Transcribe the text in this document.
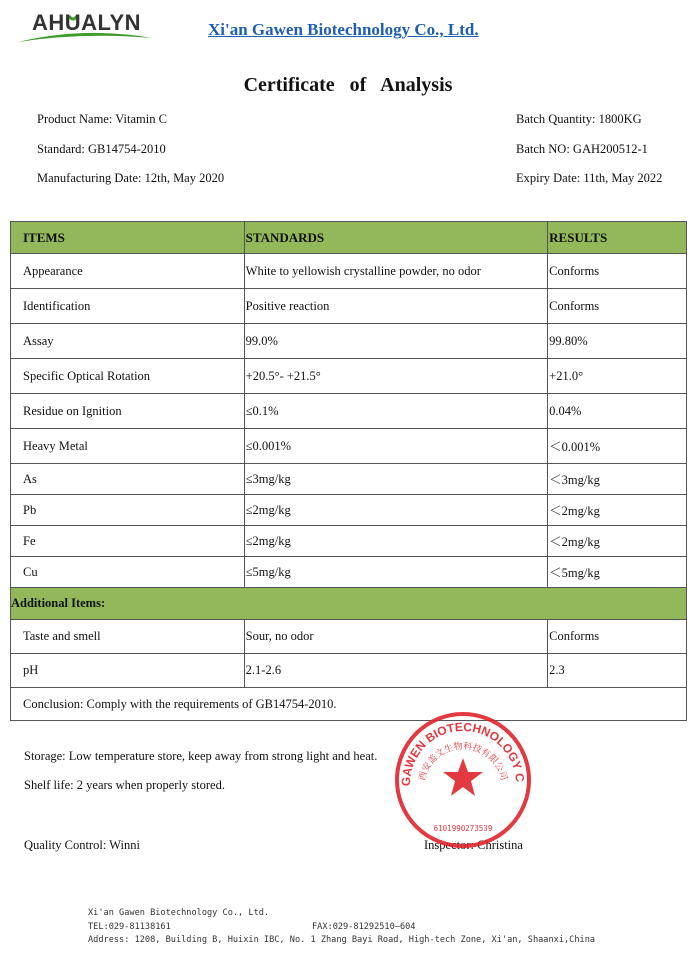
AHUALYN	Xi'an Gawen Biotechnology Co., Ltd.
Certificate of Analysis
Product Name: Vitamin C
Standard: GB14754-2010
Manufacturing Date: 12th, May 2020
Batch Quantity: 1800KG
Batch NO: GAH200512-1
Expiry Date: 11th, May 2022
ITEMS	STANDARDS	RESULTS
Appearance	White to yellowish crystalline powder, no odor	Conforms
Identification	Positive reaction	Conforms
Assay	99.0%	99.80%
Specific Optical Rotation	+20.5°- +21.5°	+21.0°
Residue on Ignition	≤0.1%	0.04%
Heavy Metal	≤0.001%	＜0.001%
As	≤3mg/kg	＜3mg/kg
Pb	≤2mg/kg	＜2mg/kg
Fe	≤2mg/kg	＜2mg/kg
Cu	≤5mg/kg	＜5mg/kg
Additional Items:		
Taste and smell	Sour, no odor	Conforms
pH	2.1-2.6	2.3
Conclusion: Comply with the requirements of GB14754-2010.		
Storage: Low temperature store, keep away from strong light and heat.
Shelf life: 2 years when properly stored.
Quality Control: Winni	Inspector: Christina
GAWEN BIOTECHNOLOGY C
西安盖文生物科技有限公司
6101990273539
Xi'an Gawen Biotechnology Co., Ltd.
TEL:029-81138161	FAX:029-81292510—604
Address: 1208, Building B, Huixin IBC, No. 1 Zhang Bayi Road, High-tech Zone, Xi'an, Shaanxi,China
